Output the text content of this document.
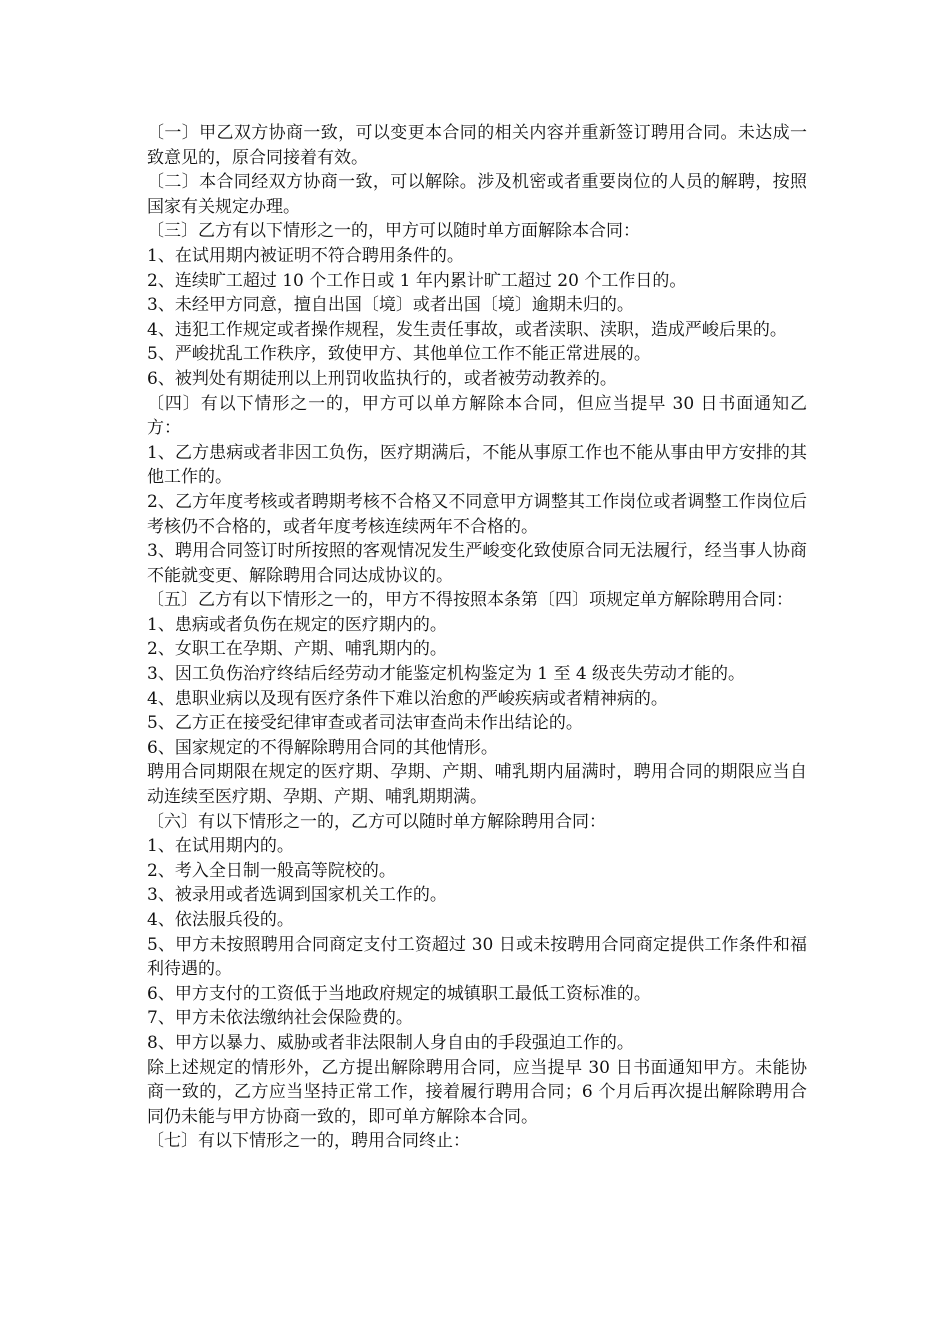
〔一〕甲乙双方协商一致，可以变更本合同的相关内容并重新签订聘用合同。未达成一致意见的，原合同接着有效。

〔二〕本合同经双方协商一致，可以解除。涉及机密或者重要岗位的人员的解聘，按照国家有关规定办理。

〔三〕乙方有以下情形之一的，甲方可以随时单方面解除本合同：

1、在试用期内被证明不符合聘用条件的。

2、连续旷工超过 10 个工作日或 1 年内累计旷工超过 20 个工作日的。

3、未经甲方同意，擅自出国〔境〕或者出国〔境〕逾期未归的。

4、违犯工作规定或者操作规程，发生责任事故，或者渎职、渎职，造成严峻后果的。

5、严峻扰乱工作秩序，致使甲方、其他单位工作不能正常进展的。

6、被判处有期徒刑以上刑罚收监执行的，或者被劳动教养的。

〔四〕有以下情形之一的，甲方可以单方解除本合同，但应当提早 30 日书面通知乙方：

1、乙方患病或者非因工负伤，医疗期满后，不能从事原工作也不能从事由甲方安排的其他工作的。

2、乙方年度考核或者聘期考核不合格又不同意甲方调整其工作岗位或者调整工作岗位后考核仍不合格的，或者年度考核连续两年不合格的。

3、聘用合同签订时所按照的客观情况发生严峻变化致使原合同无法履行，经当事人协商不能就变更、解除聘用合同达成协议的。

〔五〕乙方有以下情形之一的，甲方不得按照本条第〔四〕项规定单方解除聘用合同：

1、患病或者负伤在规定的医疗期内的。

2、女职工在孕期、产期、哺乳期内的。

3、因工负伤治疗终结后经劳动才能鉴定机构鉴定为 1 至 4 级丧失劳动才能的。

4、患职业病以及现有医疗条件下难以治愈的严峻疾病或者精神病的。

5、乙方正在接受纪律审查或者司法审查尚未作出结论的。

6、国家规定的不得解除聘用合同的其他情形。

聘用合同期限在规定的医疗期、孕期、产期、哺乳期内届满时，聘用合同的期限应当自动连续至医疗期、孕期、产期、哺乳期期满。

〔六〕有以下情形之一的，乙方可以随时单方解除聘用合同：

1、在试用期内的。

2、考入全日制一般高等院校的。

3、被录用或者选调到国家机关工作的。

4、依法服兵役的。

5、甲方未按照聘用合同商定支付工资超过 30 日或未按聘用合同商定提供工作条件和福利待遇的。

6、甲方支付的工资低于当地政府规定的城镇职工最低工资标准的。

7、甲方未依法缴纳社会保险费的。

8、甲方以暴力、威胁或者非法限制人身自由的手段强迫工作的。

除上述规定的情形外，乙方提出解除聘用合同，应当提早 30 日书面通知甲方。未能协商一致的，乙方应当坚持正常工作，接着履行聘用合同；6 个月后再次提出解除聘用合同仍未能与甲方协商一致的，即可单方解除本合同。

〔七〕有以下情形之一的，聘用合同终止：
